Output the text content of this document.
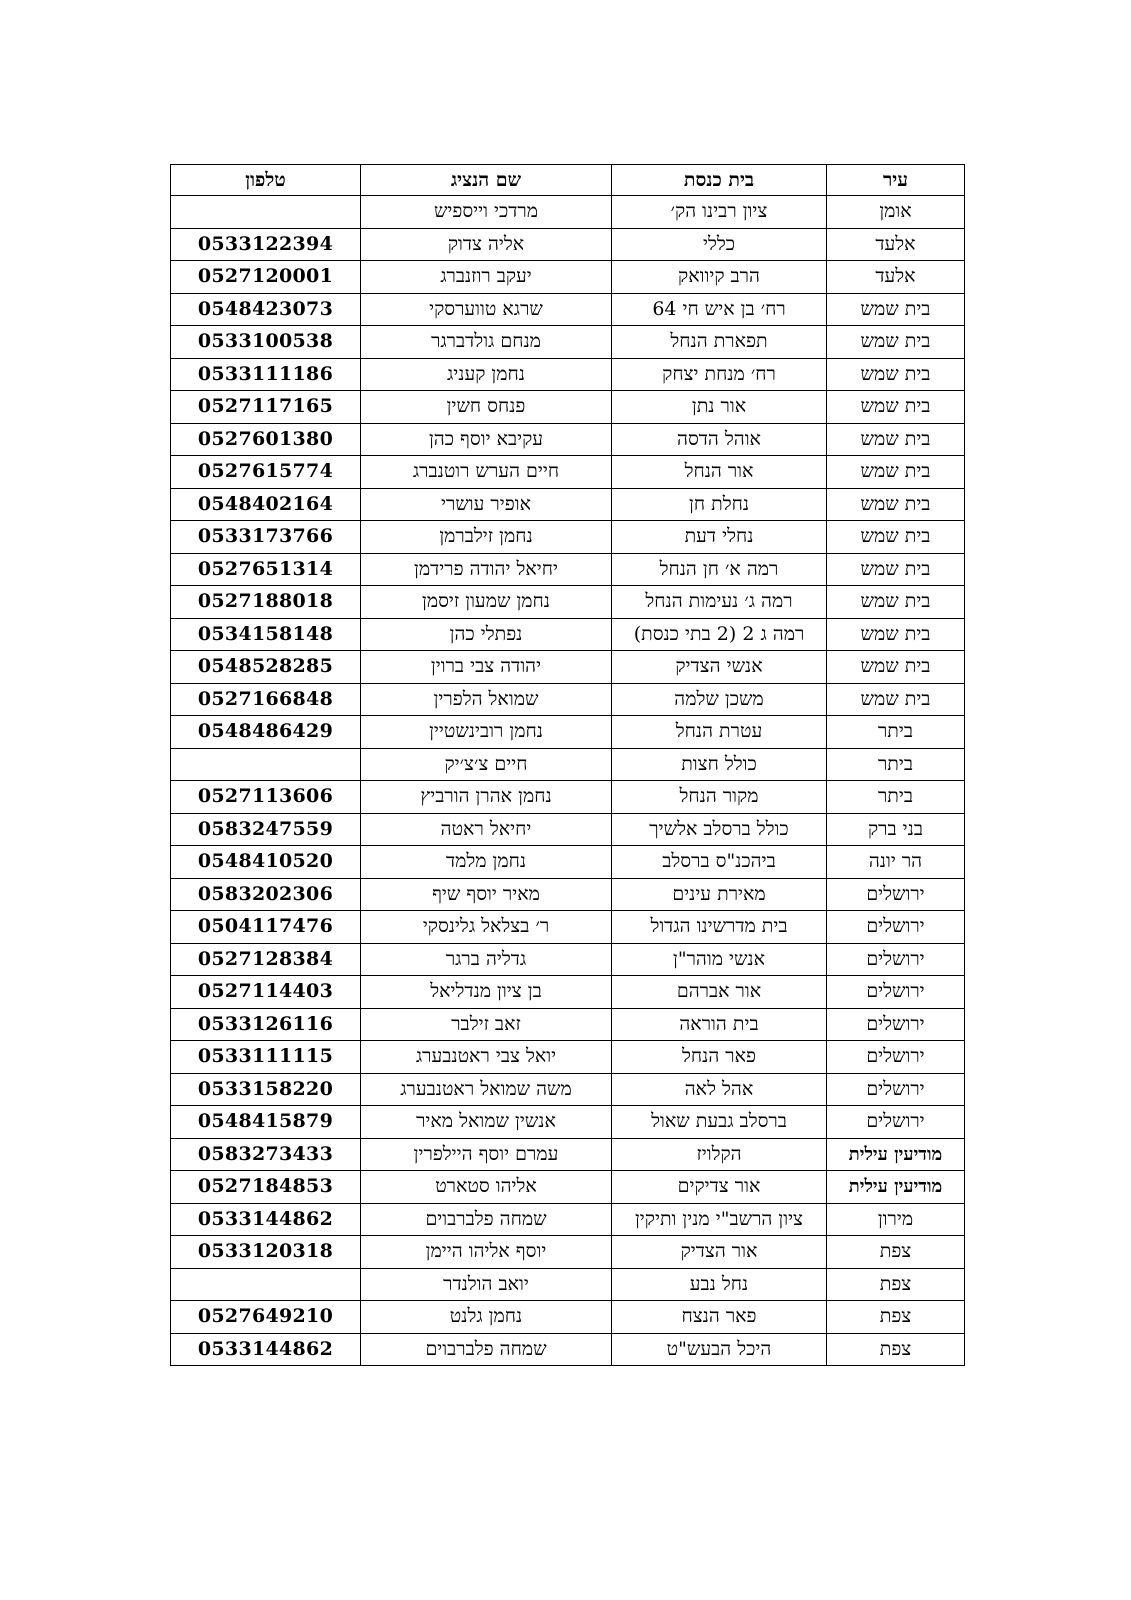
עיר	בית כנסת	שם הנציג	טלפון
אומן	ציון רבינו הק׳	מרדכי וייספיש	
אלעד	כללי	אליה צדוק	0533122394
אלעד	הרב קיוואק	יעקב רוזנברג	0527120001
בית שמש	רח׳ בן איש חי 64	שרגא טווערסקי	0548423073
בית שמש	תפארת הנחל	מנחם גולדברגר	0533100538
בית שמש	רח׳ מנחת יצחק	נחמן קעניג	0533111186
בית שמש	אור נתן	פנחס חשין	0527117165
בית שמש	אוהל הדסה	עקיבא יוסף כהן	0527601380
בית שמש	אור הנחל	חיים הערש רוטנברג	0527615774
בית שמש	נחלת חן	אופיר עושרי	0548402164
בית שמש	נחלי דעת	נחמן זילברמן	0533173766
בית שמש	רמה א׳ חן הנחל	יחיאל יהודה פרידמן	0527651314
בית שמש	רמה ג׳ נעימות הנחל	נחמן שמעון זיסמן	0527188018
בית שמש	רמה ג 2 (2 בתי כנסת)	נפתלי כהן	0534158148
בית שמש	אנשי הצדיק	יהודה צבי ברוין	0548528285
בית שמש	משכן שלמה	שמואל הלפרין	0527166848
ביתר	עטרת הנחל	נחמן רובינשטיין	0548486429
ביתר	כולל חצות	חיים צ׳צ׳יק	
ביתר	מקור הנחל	נחמן אהרן הורביץ	0527113606
בני ברק	כולל ברסלב אלשיך	יחיאל ראטה	0583247559
הר יונה	ביהכנ"ס ברסלב	נחמן מלמד	0548410520
ירושלים	מאירת עינים	מאיר יוסף שיף	0583202306
ירושלים	בית מדרשינו הגדול	ר׳ בצלאל גלינסקי	0504117476
ירושלים	אנשי מוהר"ן	גדליה ברגר	0527128384
ירושלים	אור אברהם	בן ציון מנדליאל	0527114403
ירושלים	בית הוראה	זאב זילבר	0533126116
ירושלים	פאר הנחל	יואל צבי ראטנבערג	0533111115
ירושלים	אהל לאה	משה שמואל ראטנבערג	0533158220
ירושלים	ברסלב גבעת שאול	אנשין שמואל מאיר	0548415879
מודיעין עילית	הקלויז	עמרם יוסף היילפרין	0583273433
מודיעין עילית	אור צדיקים	אליהו סטארט	0527184853
מירון	ציון הרשב"י מנין ותיקין	שמחה פלברבוים	0533144862
צפת	אור הצדיק	יוסף אליהו היימן	0533120318
צפת	נחל נבע	יואב הולנדר	
צפת	פאר הנצח	נחמן גלנט	0527649210
צפת	היכל הבעש"ט	שמחה פלברבוים	0533144862
